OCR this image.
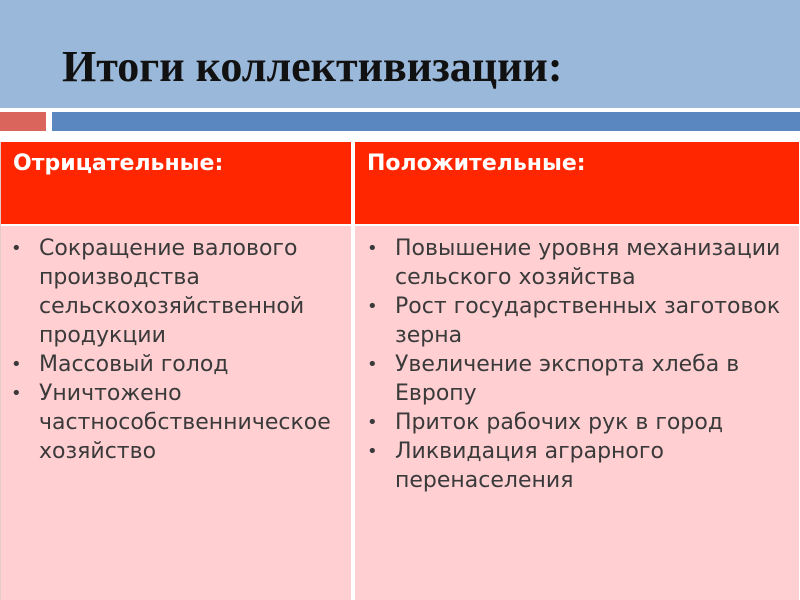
Итоги коллективизации:
Отрицательные:	Положительные:
• Сокращение валового производства сельскохозяйственной продукции
• Массовый голод
• Уничтожено частнособственническое хозяйство
• Повышение уровня механизации сельского хозяйства
• Рост государственных заготовок зерна
• Увеличение экспорта хлеба в Европу
• Приток рабочих рук в город
• Ликвидация аграрного перенаселения
